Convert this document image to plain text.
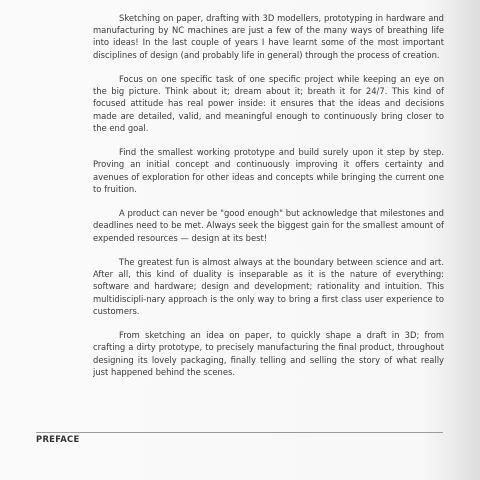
Sketching on paper, drafting with 3D modellers, prototyping in hardware and manufacturing by NC machines are just a few of the many ways of breathing life into ideas! In the last couple of years I have learnt some of the most important disciplines of design (and probably life in general) through the process of creation.

Focus on one specific task of one specific project while keeping an eye on the big picture. Think about it; dream about it; breath it for 24/7. This kind of focused attitude has real power inside: it ensures that the ideas and decisions made are detailed, valid, and meaningful enough to continuously bring closer to the end goal.

Find the smallest working prototype and build surely upon it step by step. Proving an initial concept and continuously improving it offers certainty and avenues of exploration for other ideas and concepts while bringing the current one to fruition.

A product can never be "good enough" but acknowledge that milestones and deadlines need to be met. Always seek the biggest gain for the smallest amount of expended resources — design at its best!

The greatest fun is almost always at the boundary between science and art. After all, this kind of duality is inseparable as it is the nature of everything: software and hardware; design and development; rationality and intuition. This multidiscipli-nary approach is the only way to bring a first class user experience to customers.

From sketching an idea on paper, to quickly shape a draft in 3D; from crafting a dirty prototype, to precisely manufacturing the final product, throughout designing its lovely packaging, finally telling and selling the story of what really just happened behind the scenes.

PREFACE
